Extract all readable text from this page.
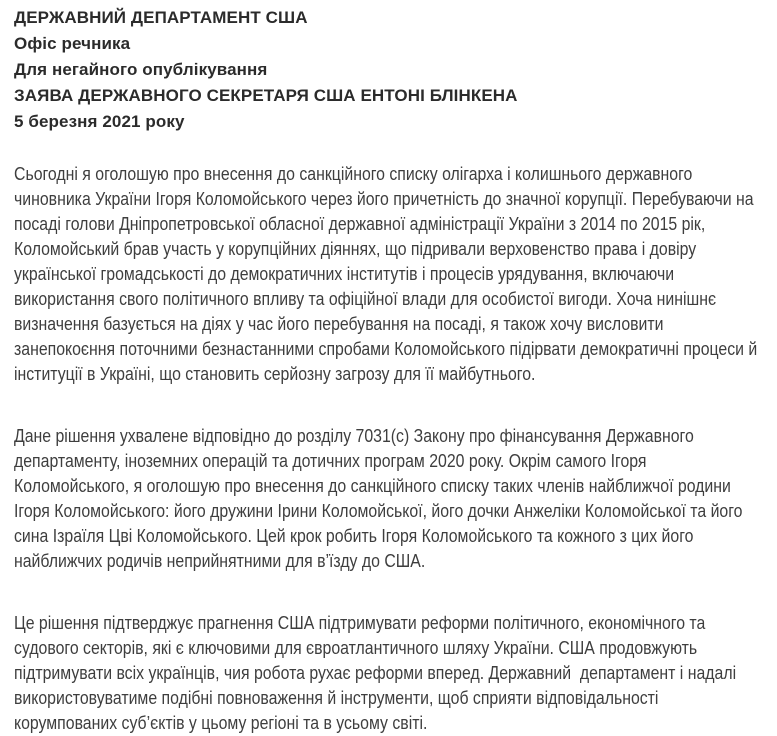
ДЕРЖАВНИЙ ДЕПАРТАМЕНТ США
Офіс речника
Для негайного опублікування
ЗАЯВА ДЕРЖАВНОГО СЕКРЕТАРЯ США ЕНТОНІ БЛІНКЕНА
5 березня 2021 року

Сьогодні я оголошую про внесення до санкційного списку олігарха і колишнього державного чиновника України Ігоря Коломойського через його причетність до значної корупції. Перебуваючи на посаді голови Дніпропетровської обласної державної адміністрації України з 2014 по 2015 рік, Коломойський брав участь у корупційних діяннях, що підривали верховенство права і довіру української громадськості до демократичних інститутів і процесів урядування, включаючи використання свого політичного впливу та офіційної влади для особистої вигоди. Хоча нинішнє визначення базується на діях у час його перебування на посаді, я також хочу висловити занепокоєння поточними безнастанними спробами Коломойського підірвати демократичні процеси й інституції в Україні, що становить серйозну загрозу для її майбутнього.

Дане рішення ухвалене відповідно до розділу 7031(c) Закону про фінансування Державного департаменту, іноземних операцій та дотичних програм 2020 року. Окрім самого Ігоря Коломойського, я оголошую про внесення до санкційного списку таких членів найближчої родини Ігоря Коломойського: його дружини Ірини Коломойської, його дочки Анжеліки Коломойської та його сина Ізраїля Цві Коломойського. Цей крок робить Ігоря Коломойського та кожного з цих його найближчих родичів неприйнятними для в’їзду до США.

Це рішення підтверджує прагнення США підтримувати реформи політичного, економічного та судового секторів, які є ключовими для євроатлантичного шляху України. США продовжують підтримувати всіх українців, чия робота рухає реформи вперед. Державний  департамент і надалі використовуватиме подібні повноваження й інструменти, щоб сприяти відповідальності корумпованих суб’єктів у цьому регіоні та в усьому світі.
